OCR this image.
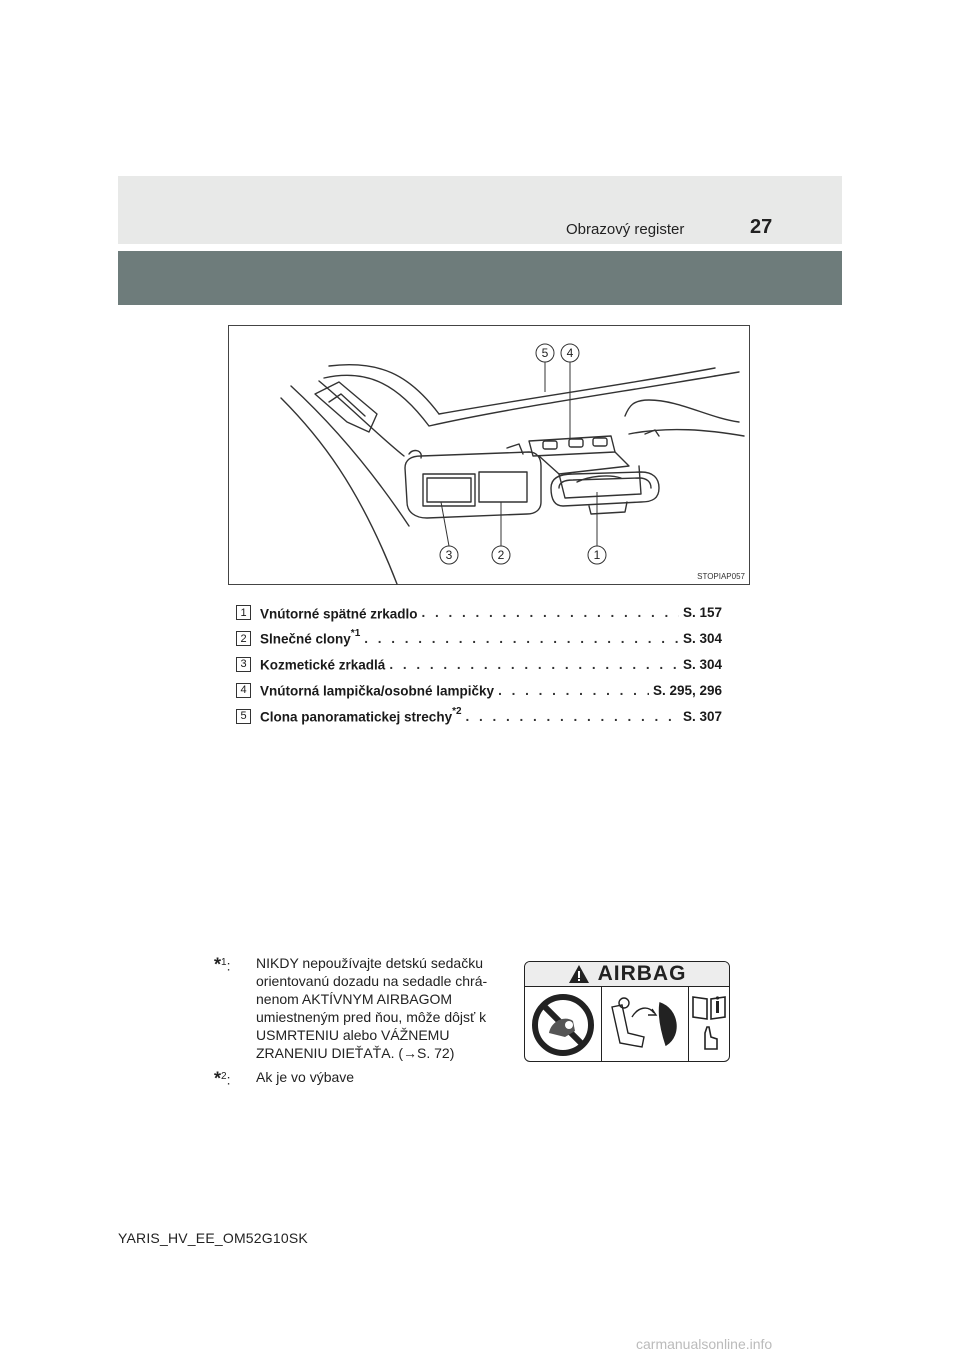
Obrazový register	27
5 4
3	2	1
STOPIAP057
1 Vnútorné spätné zrkadlo . . .	S. 157
2 Slnečné clony$^{*1}$ . . .	S. 304
3 Kozmetické zrkadlá . . .	S. 304
4 Vnútorná lampička/osobné lampičky . . .	S. 295, 296
5 Clona panoramatickej strechy$^{*2}$ . . .	S. 307
*$^1$:	NIKDY nepoužívajte detskú sedačku orientovanú dozadu na sedadle chrá-nenom AKTÍVNYM AIRBAGOM umiestneným pred ňou, môže dôjsť k USMRTENIU alebo VÁŽNEMU ZRANENIU DIEŤAŤA. (→S. 72)
*$^2$:	Ak je vo výbave
AIRBAG
YARIS_HV_EE_OM52G10SK
carmanualsonline.info
